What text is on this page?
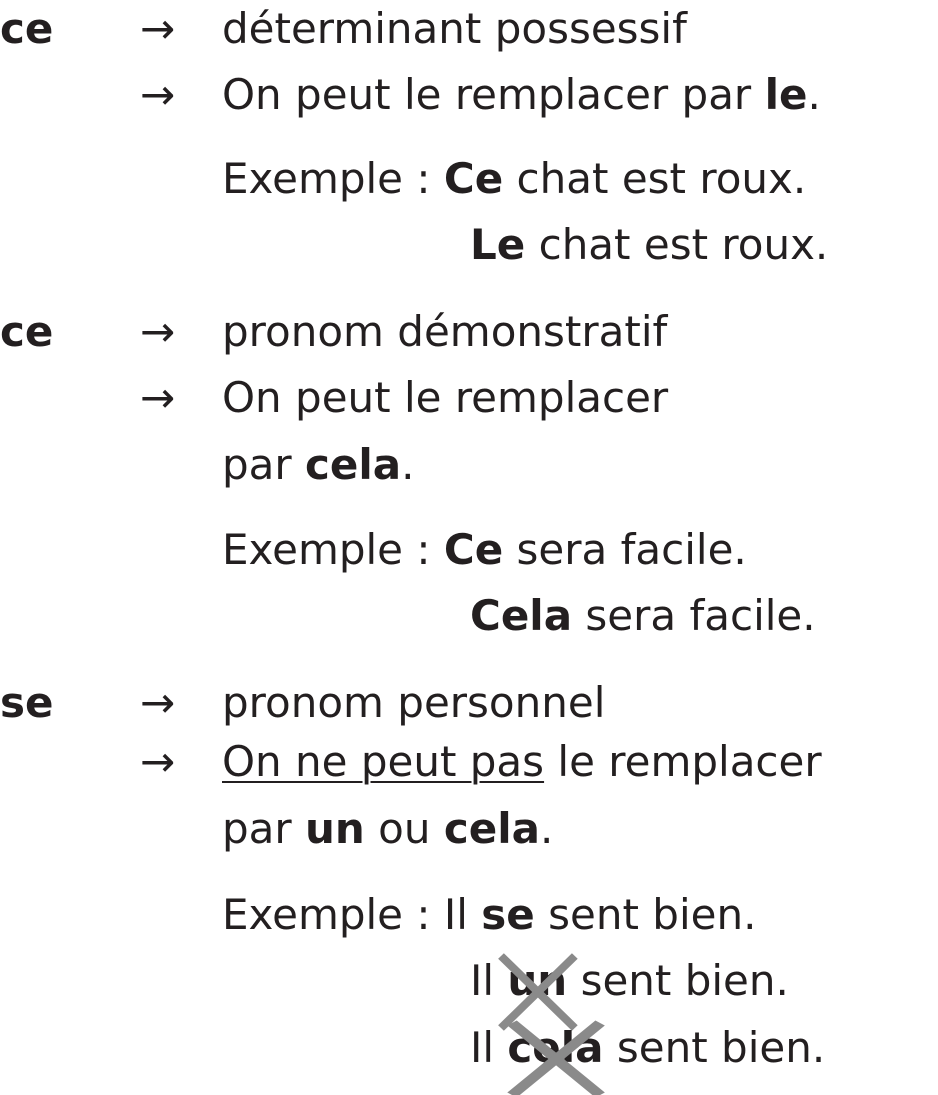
ce → déterminant possessif
→ On peut le remplacer par le.
Exemple : Ce chat est roux.
Le chat est roux.
ce → pronom démonstratif
→ On peut le remplacer
par cela.
Exemple : Ce sera facile.
Cela sera facile.
se → pronom personnel
→ On ne peut pas le remplacer
par un ou cela.
Exemple : Il se sent bien.
Il un
sent bien.
Il cela
sent bien.
